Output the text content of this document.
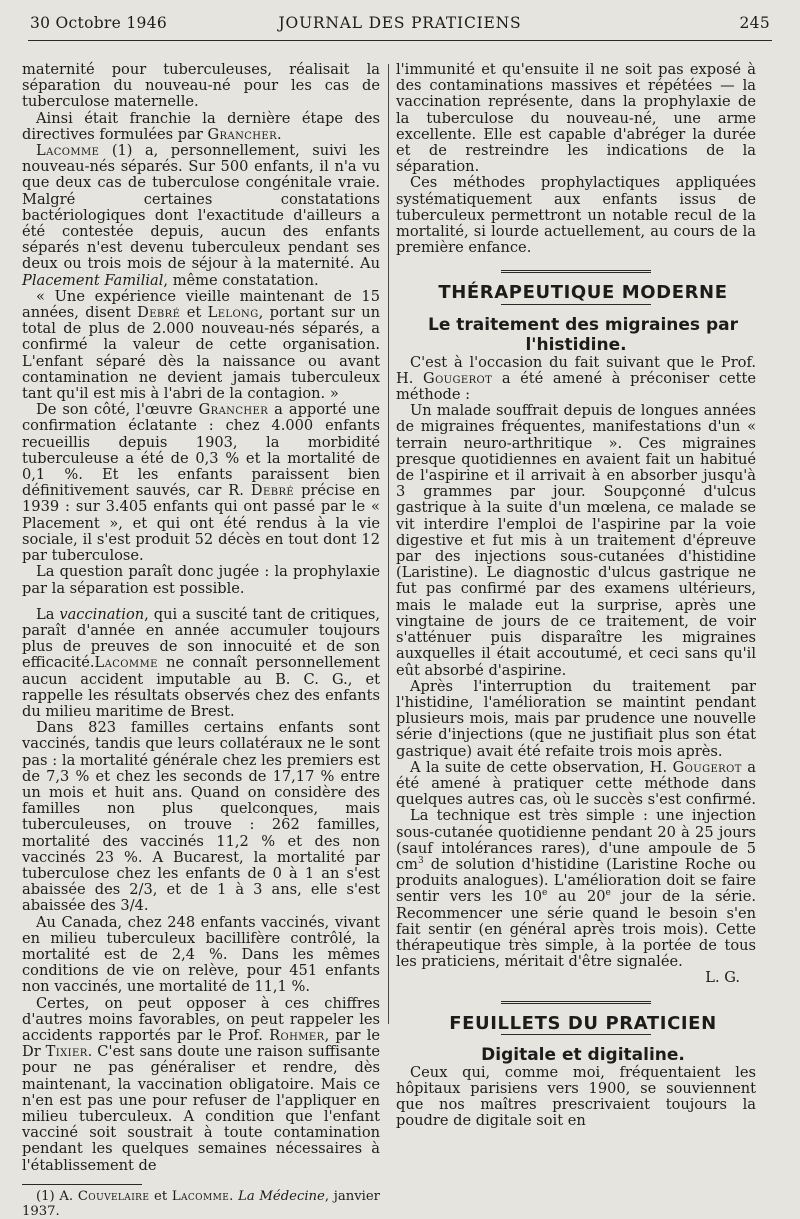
30 Octobre 1946	JOURNAL DES PRATICIENS	245

maternité pour tuberculeuses, réalisait la séparation du nouveau-né pour les cas de tuberculose maternelle.

Ainsi était franchie la dernière étape des directives formulées par Grancher.

Lacomme (1) a, personnellement, suivi les nouveau-nés séparés. Sur 500 enfants, il n'a vu que deux cas de tuberculose congénitale vraie. Malgré certaines constatations bactériologiques dont l'exactitude d'ailleurs a été contestée depuis, aucun des enfants séparés n'est devenu tuberculeux pendant ses deux ou trois mois de séjour à la maternité. Au Placement Familial, même constatation.

« Une expérience vieille maintenant de 15 années, disent Debré et Lelong, portant sur un total de plus de 2.000 nouveau-nés séparés, a confirmé la valeur de cette organisation. L'enfant séparé dès la naissance ou avant contamination ne devient jamais tuberculeux tant qu'il est mis à l'abri de la contagion. »

De son côté, l'œuvre Grancher a apporté une confirmation éclatante : chez 4.000 enfants recueillis depuis 1903, la morbidité tuberculeuse a été de 0,3 % et la mortalité de 0,1 %. Et les enfants paraissent bien définitivement sauvés, car R. Debré précise en 1939 : sur 3.405 enfants qui ont passé par le « Placement », et qui ont été rendus à la vie sociale, il s'est produit 52 décès en tout dont 12 par tuberculose.

La question paraît donc jugée : la prophylaxie par la séparation est possible.

La vaccination, qui a suscité tant de critiques, paraît d'année en année accumuler toujours plus de preuves de son innocuité et de son efficacité.Lacomme ne connaît personnellement aucun accident imputable au B. C. G., et rappelle les résultats observés chez des enfants du milieu maritime de Brest.

Dans 823 familles certains enfants sont vaccinés, tandis que leurs collatéraux ne le sont pas : la mortalité générale chez les premiers est de 7,3 % et chez les seconds de 17,17 % entre un mois et huit ans. Quand on considère des familles non plus quelconques, mais tuberculeuses, on trouve : 262 familles, mortalité des vaccinés 11,2 % et des non vaccinés 23 %. A Bucarest, la mortalité par tuberculose chez les enfants de 0 à 1 an s'est abaissée des 2/3, et de 1 à 3 ans, elle s'est abaissée des 3/4.

Au Canada, chez 248 enfants vaccinés, vivant en milieu tuberculeux bacillifère contrôlé, la mortalité est de 2,4 %. Dans les mêmes conditions de vie on relève, pour 451 enfants non vaccinés, une mortalité de 11,1 %.

Certes, on peut opposer à ces chiffres d'autres moins favorables, on peut rappeler les accidents rapportés par le Prof. Rohmer, par le Dr Tixier. C'est sans doute une raison suffisante pour ne pas généraliser et rendre, dès maintenant, la vaccination obligatoire. Mais ce n'en est pas une pour refuser de l'appliquer en milieu tuberculeux. A condition que l'enfant vacciné soit soustrait à toute contamination pendant les quelques semaines nécessaires à l'établissement de

(1) A. Couvelaire et Lacomme. La Médecine, janvier 1937.

l'immunité et qu'ensuite il ne soit pas exposé à des contaminations massives et répétées — la vaccination représente, dans la prophylaxie de la tuberculose du nouveau-né, une arme excellente. Elle est capable d'abréger la durée et de restreindre les indications de la séparation.

Ces méthodes prophylactiques appliquées systématiquement aux enfants issus de tuberculeux permettront un notable recul de la mortalité, si lourde actuellement, au cours de la première enfance.

THÉRAPEUTIQUE MODERNE

Le traitement des migraines par l'histidine.

C'est à l'occasion du fait suivant que le Prof. H. Gougerot a été amené à préconiser cette méthode :

Un malade souffrait depuis de longues années de migraines fréquentes, manifestations d'un « terrain neuro-arthritique ». Ces migraines presque quotidiennes en avaient fait un habitué de l'aspirine et il arrivait à en absorber jusqu'à 3 grammes par jour. Soupçonné d'ulcus gastrique à la suite d'un mœlena, ce malade se vit interdire l'emploi de l'aspirine par la voie digestive et fut mis à un traitement d'épreuve par des injections sous-cutanées d'histidine (Laristine). Le diagnostic d'ulcus gastrique ne fut pas confirmé par des examens ultérieurs, mais le malade eut la surprise, après une vingtaine de jours de ce traitement, de voir s'atténuer puis disparaître les migraines auxquelles il était accoutumé, et ceci sans qu'il eût absorbé d'aspirine.

Après l'interruption du traitement par l'histidine, l'amélioration se maintint pendant plusieurs mois, mais par prudence une nouvelle série d'injections (que ne justifiait plus son état gastrique) avait été refaite trois mois après.

A la suite de cette observation, H. Gougerot a été amené à pratiquer cette méthode dans quelques autres cas, où le succès s'est confirmé.

La technique est très simple : une injection sous-cutanée quotidienne pendant 20 à 25 jours (sauf intolérances rares), d'une ampoule de 5 $cm^3$ de solution d'histidine (Laristine Roche ou produits analogues). L'amélioration doit se faire sentir vers les 10e au 20e jour de la série. Recommencer une série quand le besoin s'en fait sentir (en général après trois mois). Cette thérapeutique très simple, à la portée de tous les praticiens, méritait d'être signalée.

L. G.

FEUILLETS DU PRATICIEN

Digitale et digitaline.

Ceux qui, comme moi, fréquentaient les hôpitaux parisiens vers 1900, se souviennent que nos maîtres prescrivaient toujours la poudre de digitale soit en
